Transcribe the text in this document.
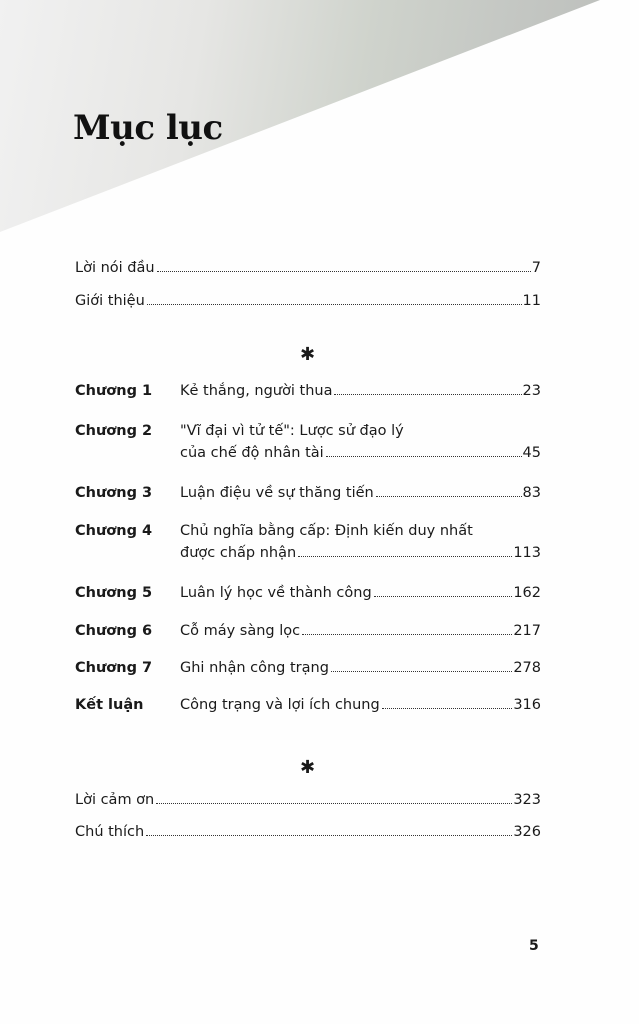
Mục lục
Lời nói đầu	7
Giới thiệu	11
✱
Chương 1 Kẻ thắng, người thua	23
Chương 2 "Vĩ đại vì tử tế": Lược sử đạo lý
của chế độ nhân tài	45
Chương 3 Luận điệu về sự thăng tiến	83
Chương 4 Chủ nghĩa bằng cấp: Định kiến duy nhất
được chấp nhận	113
Chương 5 Luân lý học về thành công	162
Chương 6 Cỗ máy sàng lọc	217
Chương 7 Ghi nhận công trạng	278
Kết luận	Công trạng và lợi ích chung	316
✱
Lời cảm ơn	323
Chú thích	326
5
